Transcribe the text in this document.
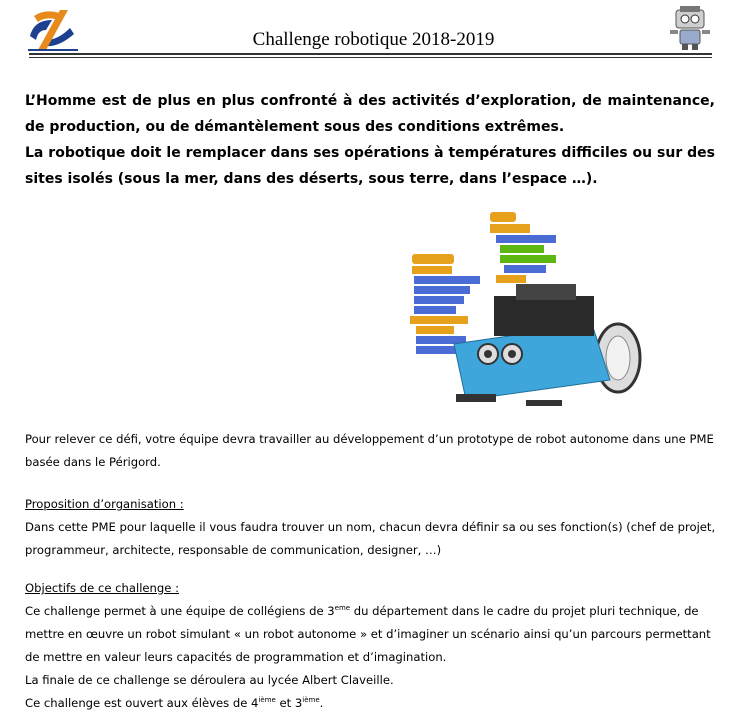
Challenge robotique 2018-2019

L’Homme est de plus en plus confronté à des activités d’exploration, de maintenance, de production, ou de démantèlement sous des conditions extrêmes.

La robotique doit le remplacer dans ses opérations à températures difficiles ou sur des sites isolés (sous la mer, dans des déserts, sous terre, dans l’espace …).

Pour relever ce défi, votre équipe devra travailler au développement d’un prototype de robot autonome dans une PME basée dans le Périgord.

Proposition d’organisation :

Dans cette PME pour laquelle il vous faudra trouver un nom, chacun devra définir sa ou ses fonction(s) (chef de projet, programmeur, architecte, responsable de communication, designer, …)

Objectifs de ce challenge :

Ce challenge permet à une équipe de collégiens de 3eme du département dans le cadre du projet pluri technique, de mettre en œuvre un robot simulant « un robot autonome » et d’imaginer un scénario ainsi qu’un parcours permettant de mettre en valeur leurs capacités de programmation et d’imagination.

La finale de ce challenge se déroulera au lycée Albert Claveille.

Ce challenge est ouvert aux élèves de 4ième et 3ième.
